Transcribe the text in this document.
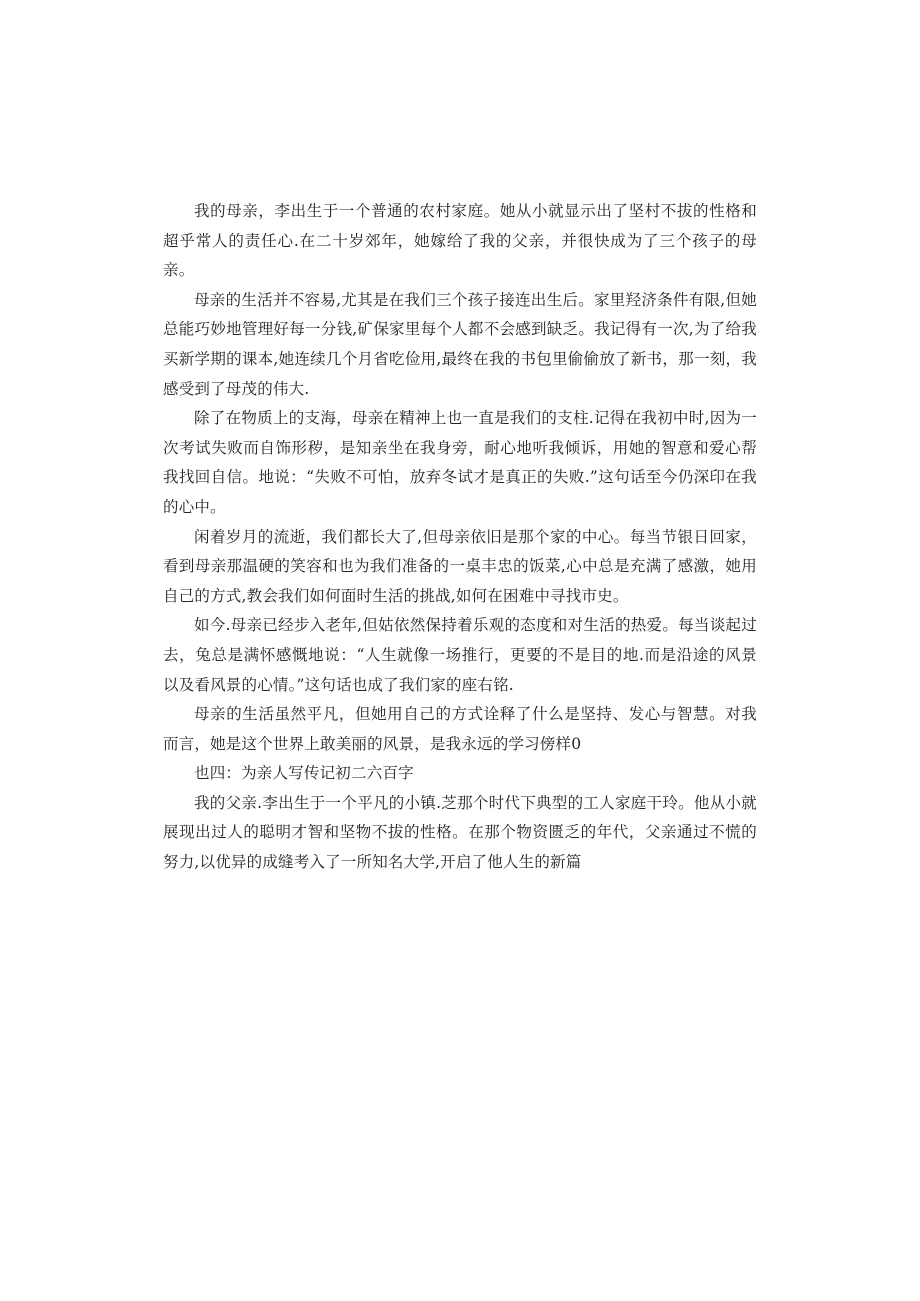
我的母亲，李出生于一个普通的农村家庭。她从小就显示出了坚村不拔的性格和超乎常人的责任心.在二十岁郊年，她嫁给了我的父亲，并很快成为了三个孩子的母亲。

母亲的生活并不容易,尤其是在我们三个孩子接连出生后。家里羟济条件有限,但她总能巧妙地管理好每一分钱,矿保家里每个人都不会感到缺乏。我记得有一次,为了给我买新学期的课本,她连续几个月省吃俭用,最终在我的书包里偷偷放了新书，那一刻，我感受到了母茂的伟大.

除了在物质上的支海，母亲在精神上也一直是我们的支柱.记得在我初中时,因为一次考试失败而自饰形秽，是知亲坐在我身旁，耐心地听我倾诉，用她的智意和爱心帮我找回自信。地说：“失败不可怕，放弃冬试才是真正的失败.”这句话至今仍深印在我的心中。

闲着岁月的流逝，我们都长大了,但母亲依旧是那个家的中心。每当节银日回家，看到母亲那温硬的笑容和也为我们准备的一桌丰忠的饭菜,心中总是充满了感激，她用自己的方式,教会我们如何面时生活的挑战,如何在困难中寻找市史。

如今.母亲已经步入老年,但姑依然保持着乐观的态度和对生活的热爱。每当谈起过去，兔总是满怀感慨地说：“人生就像一场推行，更要的不是目的地.而是沿途的风景以及看风景的心情。”这句话也成了我们家的座右铭.

母亲的生活虽然平凡，但她用自己的方式诠释了什么是坚持、发心与智慧。对我而言，她是这个世界上敢美丽的风景，是我永远的学习傍样0

也四：为亲人写传记初二六百字

我的父亲.李出生于一个平凡的小镇.芝那个时代下典型的工人家庭干玲。他从小就展现出过人的聪明才智和坚物不拔的性格。在那个物资匮乏的年代，父亲通过不慌的努力,以优异的成缝考入了一所知名大学,开启了他人生的新篇
